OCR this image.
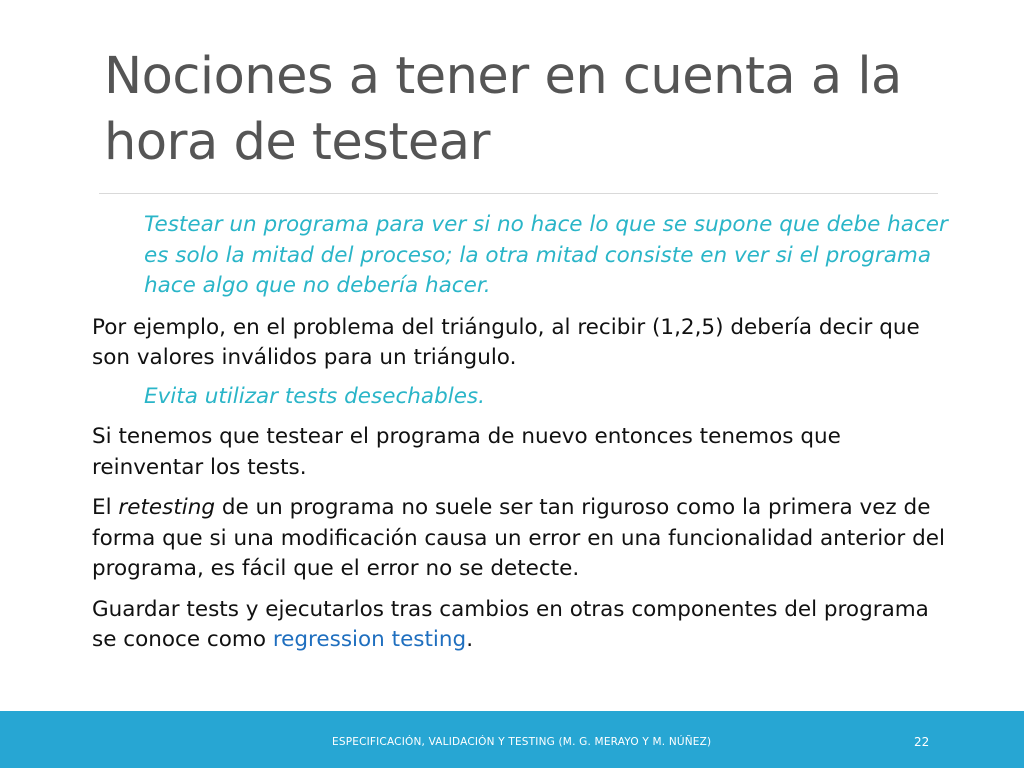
Nociones a tener en cuenta a la hora de testear

Testear un programa para ver si no hace lo que se supone que debe hacer es solo la mitad del proceso; la otra mitad consiste en ver si el programa hace algo que no debería hacer.

Por ejemplo, en el problema del triángulo, al recibir (1,2,5) debería decir que son valores inválidos para un triángulo.

Evita utilizar tests desechables.

Si tenemos que testear el programa de nuevo entonces tenemos que reinventar los tests.

El retesting de un programa no suele ser tan riguroso como la primera vez de forma que si una modificación causa un error en una funcionalidad anterior del programa, es fácil que el error no se detecte.

Guardar tests y ejecutarlos tras cambios en otras componentes del programa se conoce como regression testing.

ESPECIFICACIÓN, VALIDACIÓN Y TESTING (M. G. MERAYO Y M. NÚÑEZ)	22
